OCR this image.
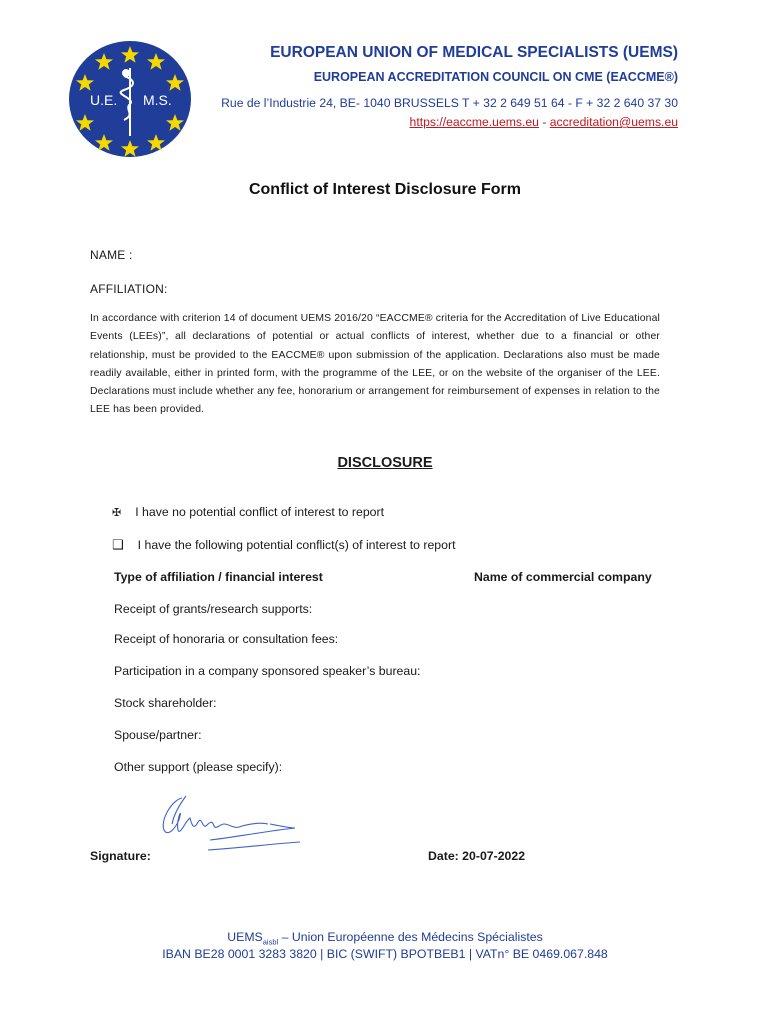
U.E. M.S.
EUROPEAN UNION OF MEDICAL SPECIALISTS (UEMS)
EUROPEAN ACCREDITATION COUNCIL ON CME (EACCME®)
Rue de l’Industrie 24, BE- 1040 BRUSSELS T + 32 2 649 51 64 - F + 32 2 640 37 30
https://eaccme.uems.eu - accreditation@uems.eu
Conflict of Interest Disclosure Form
NAME :
AFFILIATION:
In accordance with criterion 14 of document UEMS 2016/20 “EACCME® criteria for the Accreditation of Live Educational Events (LEEs)”, all declarations of potential or actual conflicts of interest, whether due to a financial or other relationship, must be provided to the EACCME® upon submission of the application. Declarations also must be made readily available, either in printed form, with the programme of the LEE, or on the website of the organiser of the LEE. Declarations must include whether any fee, honorarium or arrangement for reimbursement of expenses in relation to the LEE has been provided.
DISCLOSURE
✠ I have no potential conflict of interest to report
❑ I have the following potential conflict(s) of interest to report
Type of affiliation / financial interest	Name of commercial company
Receipt of grants/research supports:
Receipt of honoraria or consultation fees:
Participation in a company sponsored speaker’s bureau:
Stock shareholder:
Spouse/partner:
Other support (please specify):
Signature:	Date: 20-07-2022
$UEMS_{aisbl}$ – Union Européenne des Médecins Spécialistes
IBAN BE28 0001 3283 3820 | BIC (SWIFT) BPOTBEB1 | VATn° BE 0469.067.848
